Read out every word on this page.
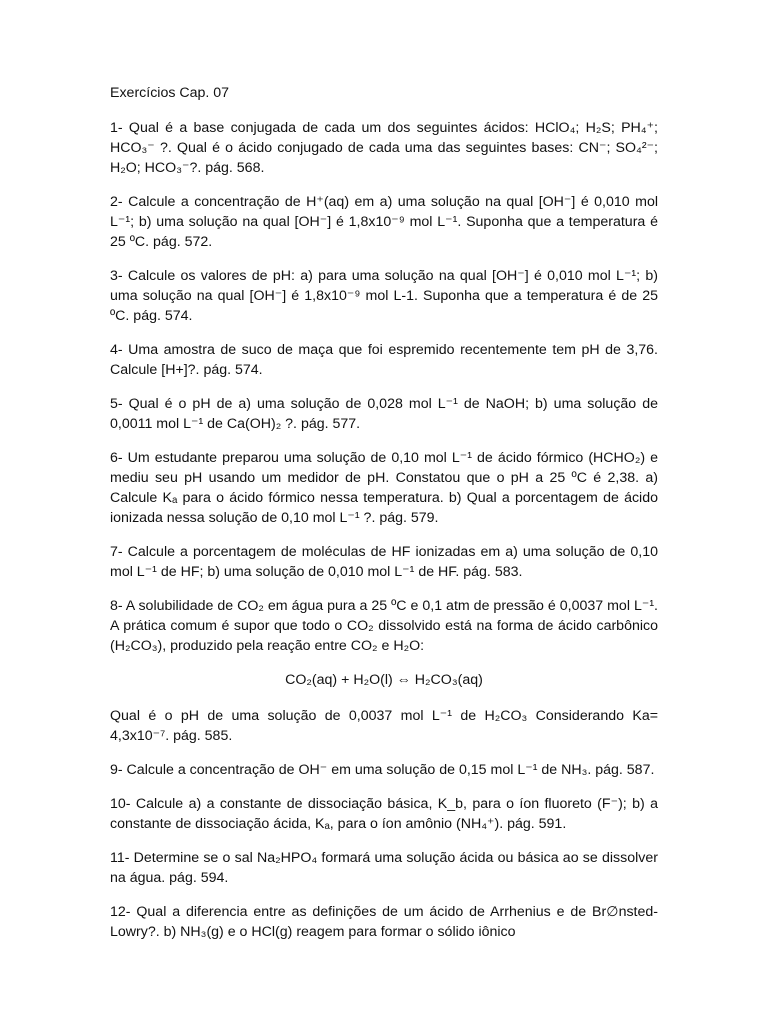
Exercícios Cap. 07

1- Qual é a base conjugada de cada um dos seguintes ácidos: HClO₄; H₂S; PH₄⁺; HCO₃⁻ ?. Qual é o ácido conjugado de cada uma das seguintes bases: CN⁻; SO₄²⁻; H₂O; HCO₃⁻?. pág. 568.

2- Calcule a concentração de H⁺(aq) em a) uma solução na qual [OH⁻] é 0,010 mol L⁻¹; b) uma solução na qual [OH⁻] é 1,8x10⁻⁹ mol L⁻¹. Suponha que a temperatura é 25 ºC. pág. 572.

3- Calcule os valores de pH: a) para uma solução na qual [OH⁻] é 0,010 mol L⁻¹; b) uma solução na qual [OH⁻] é 1,8x10⁻⁹ mol L-1. Suponha que a temperatura é de 25 ºC. pág. 574.

4- Uma amostra de suco de maça que foi espremido recentemente tem pH de 3,76. Calcule [H+]?. pág. 574.

5- Qual é o pH de a) uma solução de 0,028 mol L⁻¹ de NaOH; b) uma solução de 0,0011 mol L⁻¹ de Ca(OH)₂ ?. pág. 577.

6- Um estudante preparou uma solução de 0,10 mol L⁻¹ de ácido fórmico (HCHO₂) e mediu seu pH usando um medidor de pH. Constatou que o pH a 25 ºC é 2,38. a) Calcule Kₐ para o ácido fórmico nessa temperatura. b) Qual a porcentagem de ácido ionizada nessa solução de 0,10 mol L⁻¹ ?. pág. 579.

7- Calcule a porcentagem de moléculas de HF ionizadas em a) uma solução de 0,10 mol L⁻¹ de HF; b) uma solução de 0,010 mol L⁻¹ de HF. pág. 583.

8- A solubilidade de CO₂ em água pura a 25 ºC e 0,1 atm de pressão é 0,0037 mol L⁻¹. A prática comum é supor que todo o CO₂ dissolvido está na forma de ácido carbônico (H₂CO₃), produzido pela reação entre CO₂ e H₂O:

CO₂(aq) + H₂O(l) ⇔ H₂CO₃(aq)

Qual é o pH de uma solução de 0,0037 mol L⁻¹ de H₂CO₃ Considerando Ka= 4,3x10⁻⁷. pág. 585.

9- Calcule a concentração de OH⁻ em uma solução de 0,15 mol L⁻¹ de NH₃. pág. 587.

10- Calcule a) a constante de dissociação básica, K_b, para o íon fluoreto (F⁻); b) a constante de dissociação ácida, Kₐ, para o íon amônio (NH₄⁺). pág. 591.

11- Determine se o sal Na₂HPO₄ formará uma solução ácida ou básica ao se dissolver na água. pág. 594.

12- Qual a diferencia entre as definições de um ácido de Arrhenius e de Br∅nsted-Lowry?. b) NH₃(g) e o HCl(g) reagem para formar o sólido iônico
